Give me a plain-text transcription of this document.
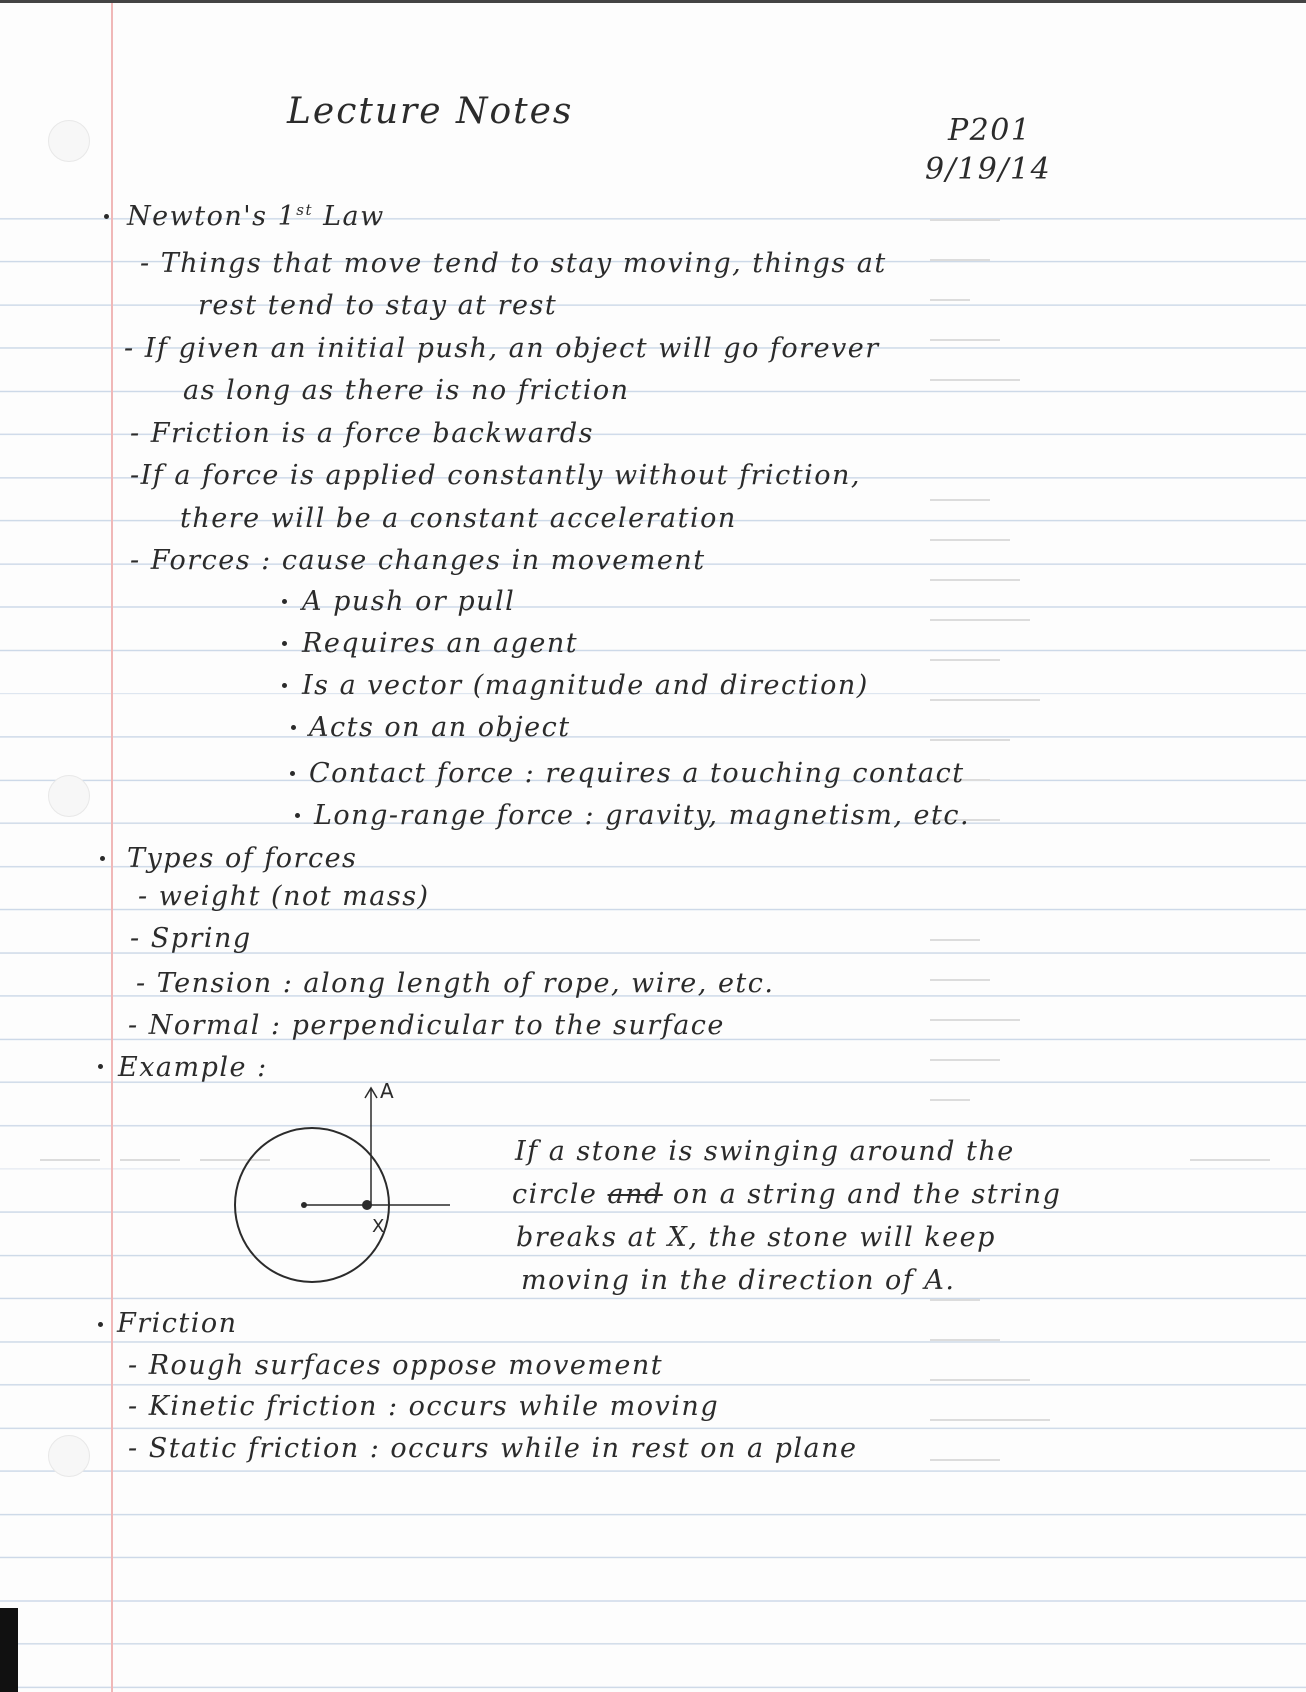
Lecture Notes	P201
9/19/14
Newton's 1st Law
- Things that move tend to stay moving, things at
rest tend to stay at rest
- If given an initial push, an object will go forever
as long as there is no friction
- Friction is a force backwards
-If a force is applied constantly without friction,
there will be a constant acceleration
- Forces : cause changes in movement
A push or pull
Requires an agent
Is a vector (magnitude and direction)
Acts on an object
Contact force : requires a touching contact
Long-range force : gravity, magnetism, etc.
Types of forces
- weight (not mass)
- Spring
- Tension : along length of rope, wire, etc.
- Normal : perpendicular to the surface
Example :
A
X
If a stone is swinging around the
circle and on a string and the string
breaks at X, the stone will keep
moving in the direction of A.
Friction
- Rough surfaces oppose movement
- Kinetic friction : occurs while moving
- Static friction : occurs while in rest on a plane
